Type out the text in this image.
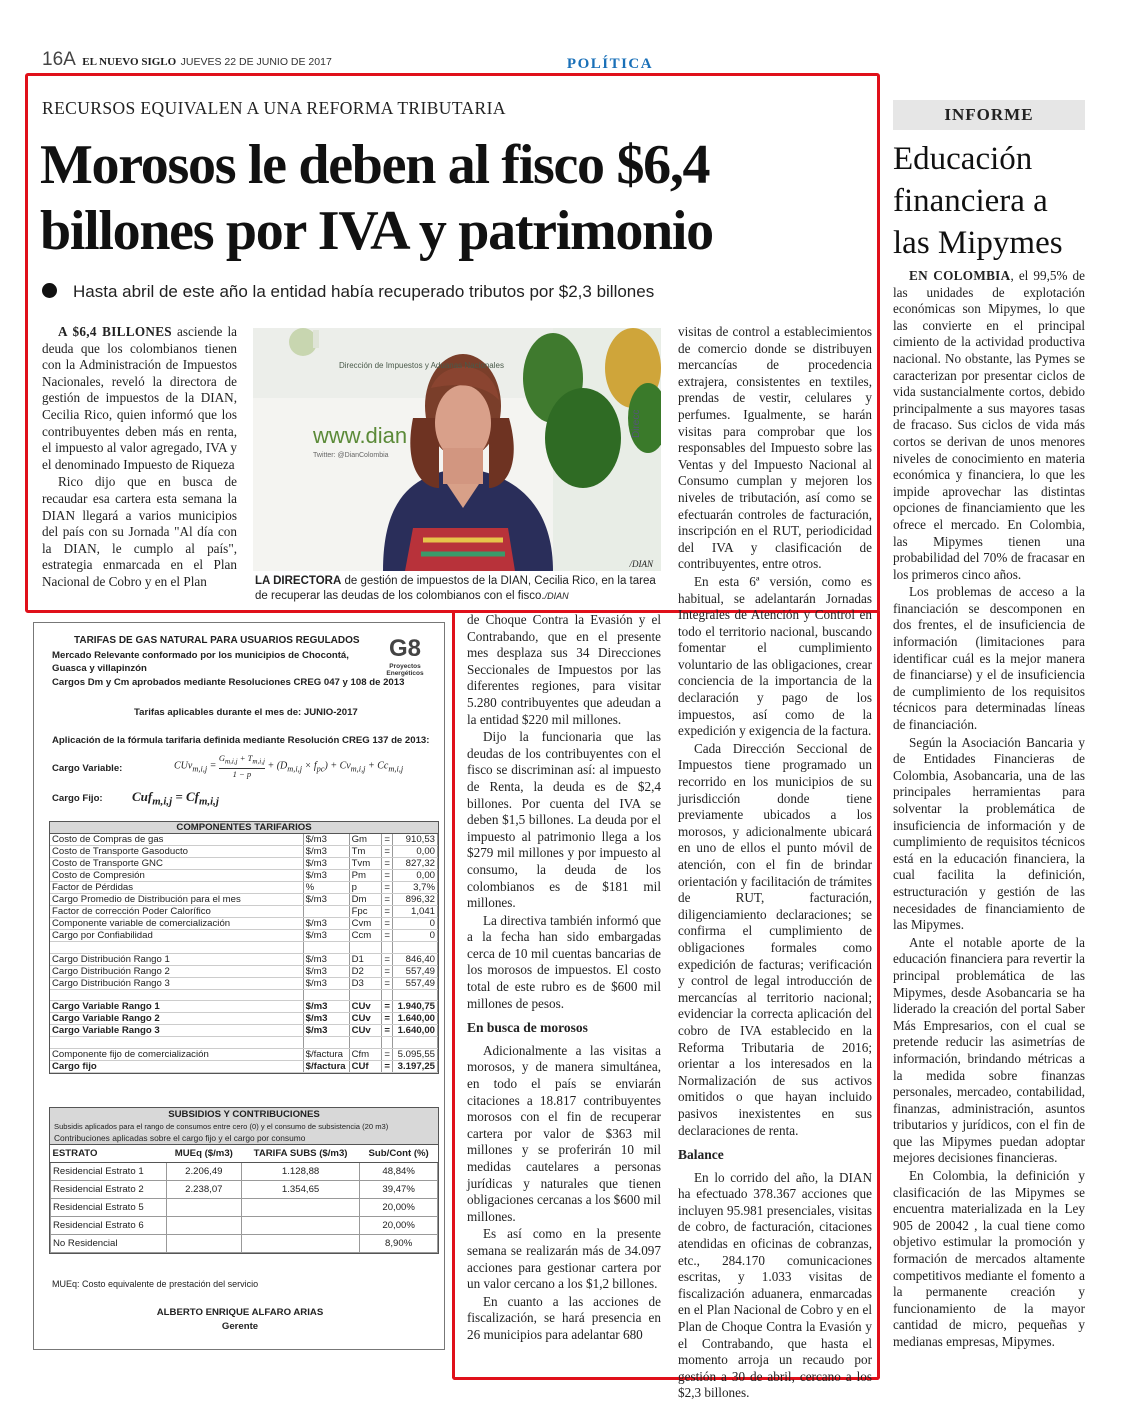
16A EL NUEVO SIGLO JUEVES 22 DE JUNIO DE 2017	POLÍTICA
RECURSOS EQUIVALEN A UNA REFORMA TRIBUTARIA
Morosos le deben al fisco $6,4
billones por IVA y patrimonio
Hasta abril de este año la entidad había recuperado tributos por $2,3 billones

A $6,4 BILLONES asciende la deuda que los colombianos tienen con la Administración de Impuestos Nacionales, reveló la directora de gestión de impuestos de la DIAN, Cecilia Rico, quien informó que los contribuyentes deben más en renta, el impuesto al valor agregado, IVA y el denominado Impuesto de Riqueza

Rico dijo que en busca de recaudar esa cartera esta semana la DIAN llegará a varios municipios del país con su Jornada "Al día con la DIAN, le cumplo al país", estrategia enmarcada en el Plan Nacional de Cobro y en el Plan

Dirección de Impuestos y Aduanas Nacionales
www.dian
Twitter: @DianColombia
Direcc
/DIAN
LA DIRECTORA de gestión de impuestos de la DIAN, Cecilia Rico, en la tarea de recuperar las deudas de los colombianos con el fisco./DIAN

de Choque Contra la Evasión y el Contrabando, que en el presente mes desplaza sus 34 Direcciones Seccionales de Impuestos por las diferentes regiones, para visitar 5.280 contribuyentes que adeudan a la entidad $220 mil millones.

Dijo la funcionaria que las deudas de los contribuyentes con el fisco se discriminan así: al impuesto de Renta, la deuda es de $2,4 billones. Por cuenta del IVA se deben $1,5 billones. La deuda por el impuesto al patrimonio llega a los $279 mil millones y por impuesto al consumo, la deuda de los colombianos es de $181 mil millones.

La directiva también informó que a la fecha han sido embargadas cerca de 10 mil cuentas bancarias de los morosos de impuestos. El costo total de este rubro es de $600 mil millones de pesos.

En busca de morosos

Adicionalmente a las visitas a morosos, y de manera simultánea, en todo el país se enviarán citaciones a 18.817 contribuyentes morosos con el fin de recuperar cartera por valor de $363 mil millones y se proferirán 10 mil medidas cautelares a personas jurídicas y naturales que tienen obligaciones cercanas a los $600 mil millones.

Es así como en la presente semana se realizarán más de 34.097 acciones para gestionar cartera por un valor cercano a los $1,2 billones.

En cuanto a las acciones de fiscalización, se hará presencia en 26 municipios para adelantar 680

visitas de control a establecimientos de comercio donde se distribuyen mercancías de procedencia extrajera, consistentes en textiles, prendas de vestir, celulares y perfumes. Igualmente, se harán visitas para comprobar que los responsables del Impuesto sobre las Ventas y del Impuesto Nacional al Consumo cumplan y mejoren los niveles de tributación, así como se efectuarán controles de facturación, inscripción en el RUT, periodicidad del IVA y clasificación de contribuyentes, entre otros.

En esta 6ª versión, como es habitual, se adelantarán Jornadas Integrales de Atención y Control en todo el territorio nacional, buscando fomentar el cumplimiento voluntario de las obligaciones, crear conciencia de la importancia de la declaración y pago de los impuestos, así como de la expedición y exigencia de la factura.

Cada Dirección Seccional de Impuestos tiene programado un recorrido en los municipios de su jurisdicción donde tiene previamente ubicados a los morosos, y adicionalmente ubicará en uno de ellos el punto móvil de atención, con el fin de brindar orientación y facilitación de trámites de RUT, facturación, diligenciamiento declaraciones; se confirma el cumplimiento de obligaciones formales como expedición de facturas; verificación y control de legal introducción de mercancías al territorio nacional; evidenciar la correcta aplicación del cobro de IVA establecido en la Reforma Tributaria de 2016; orientar a los interesados en la Normalización de sus activos omitidos o que hayan incluido pasivos inexistentes en sus declaraciones de renta.

Balance

En lo corrido del año, la DIAN ha efectuado 378.367 acciones que incluyen 95.981 presenciales, visitas de cobro, de facturación, citaciones atendidas en oficinas de cobranzas, etc., 284.170 comunicaciones escritas, y 1.033 visitas de fiscalización aduanera, enmarcadas en el Plan Nacional de Cobro y en el Plan de Choque Contra la Evasión y el Contrabando, que hasta el momento arroja un recaudo por gestión a 30 de abril, cercano a los $2,3 billones.

INFORME
Educación
financiera a
las Mipymes

EN COLOMBIA, el 99,5% de las unidades de explotación económicas son Mipymes, lo que las convierte en el principal cimiento de la actividad productiva nacional. No obstante, las Pymes se caracterizan por presentar ciclos de vida sustancialmente cortos, debido principalmente a sus mayores tasas de fracaso. Sus ciclos de vida más cortos se derivan de unos menores niveles de conocimiento en materia económica y financiera, lo que les impide aprovechar las distintas opciones de financiamiento que les ofrece el mercado. En Colombia, las Mipymes tienen una probabilidad del 70% de fracasar en los primeros cinco años.

Los problemas de acceso a la financiación se descomponen en dos frentes, el de insuficiencia de información (limitaciones para identificar cuál es la mejor manera de financiarse) y el de insuficiencia de cumplimiento de los requisitos técnicos para determinadas líneas de financiación.

Según la Asociación Bancaria y de Entidades Financieras de Colombia, Asobancaria, una de las principales herramientas para solventar la problemática de insuficiencia de información y de cumplimiento de requisitos técnicos está en la educación financiera, la cual facilita la definición, estructuración y gestión de las necesidades de financiamiento de las Mipymes.

Ante el notable aporte de la educación financiera para revertir la principal problemática de las Mipymes, desde Asobancaria se ha liderado la creación del portal Saber Más Empresarios, con el cual se pretende reducir las asimetrías de información, brindando métricas a la medida sobre finanzas personales, mercadeo, contabilidad, finanzas, administración, asuntos tributarios y jurídicos, con el fin de que las Mipymes puedan adoptar mejores decisiones financieras.

En Colombia, la definición y clasificación de las Mipymes se encuentra materializada en la Ley 905 de 20042 , la cual tiene como objetivo estimular la promoción y formación de mercados altamente competitivos mediante el fomento a la permanente creación y funcionamiento de la mayor cantidad de micro, pequeñas y medianas empresas, Mipymes.

TARIFAS DE GAS NATURAL PARA USUARIOS REGULADOS
Mercado Relevante conformado por los municipios de Chocontá, Guasca y villapinzón
Cargos Dm y Cm aprobados mediante Resoluciones CREG 047 y 108 de 2013
G8
Proyectos Energéticos
Tarifas aplicables durante el mes de: JUNIO-2017
Aplicación de la fórmula tarifaria definida mediante Resolución CREG 137 de 2013:
Cargo Variable:	$CUv_{m,i,j} = \frac{G_{m,i,j} + T_{m,i,j}}{1 - p} + (D_{m,i,j} \times f_{pc}) + Cv_{m,i,j} + Cc_{m,i,j}$
Cargo Fijo: $Cuf_{m,i,j} = Cf_{m,i,j}$
COMPONENTES TARIFARIOS
Costo de Compras de gas	$/m3	Gm	=	910,53
Costo de Transporte Gasoducto	$/m3	Tm	=	0,00
Costo de Transporte GNC	$/m3	Tvm	=	827,32
Costo de Compresión	$/m3	Pm	=	0,00
Factor de Pérdidas	%	p	=	3,7%
Cargo Promedio de Distribución para el mes	$/m3	Dm	=	896,32
Factor de corrección Poder Calorífico		Fpc	=	1,041
Componente variable de comercialización	$/m3	Cvm	=	0
Cargo por Confiabilidad	$/m3	Ccm	=	0

Cargo Distribución Rango 1	$/m3	D1	=	846,40
Cargo Distribución Rango 2	$/m3	D2	=	557,49
Cargo Distribución Rango 3	$/m3	D3	=	557,49

Cargo Variable Rango 1	$/m3	CUv	=	1.940,75
Cargo Variable Rango 2	$/m3	CUv	=	1.640,00
Cargo Variable Rango 3	$/m3	CUv	=	1.640,00

Componente fijo de comercialización	$/factura	Cfm	=	5.095,55
Cargo fijo	$/factura	CUf	=	3.197,25
SUBSIDIOS Y CONTRIBUCIONES
Subsidis aplicados para el rango de consumos entre cero (0) y el consumo de subsistencia (20 m3)
Contribuciones aplicadas sobre el cargo fijo y el cargo por consumo
ESTRATO	MUEq ($/m3)	TARIFA SUBS ($/m3)	Sub/Cont (%)
Residencial Estrato 1	2.206,49	1.128,88	48,84%
Residencial Estrato 2	2.238,07	1.354,65	39,47%
Residencial Estrato 5			20,00%
Residencial Estrato 6			20,00%
No Residencial			8,90%
MUEq: Costo equivalente de prestación del servicio
ALBERTO ENRIQUE ALFARO ARIAS
Gerente
